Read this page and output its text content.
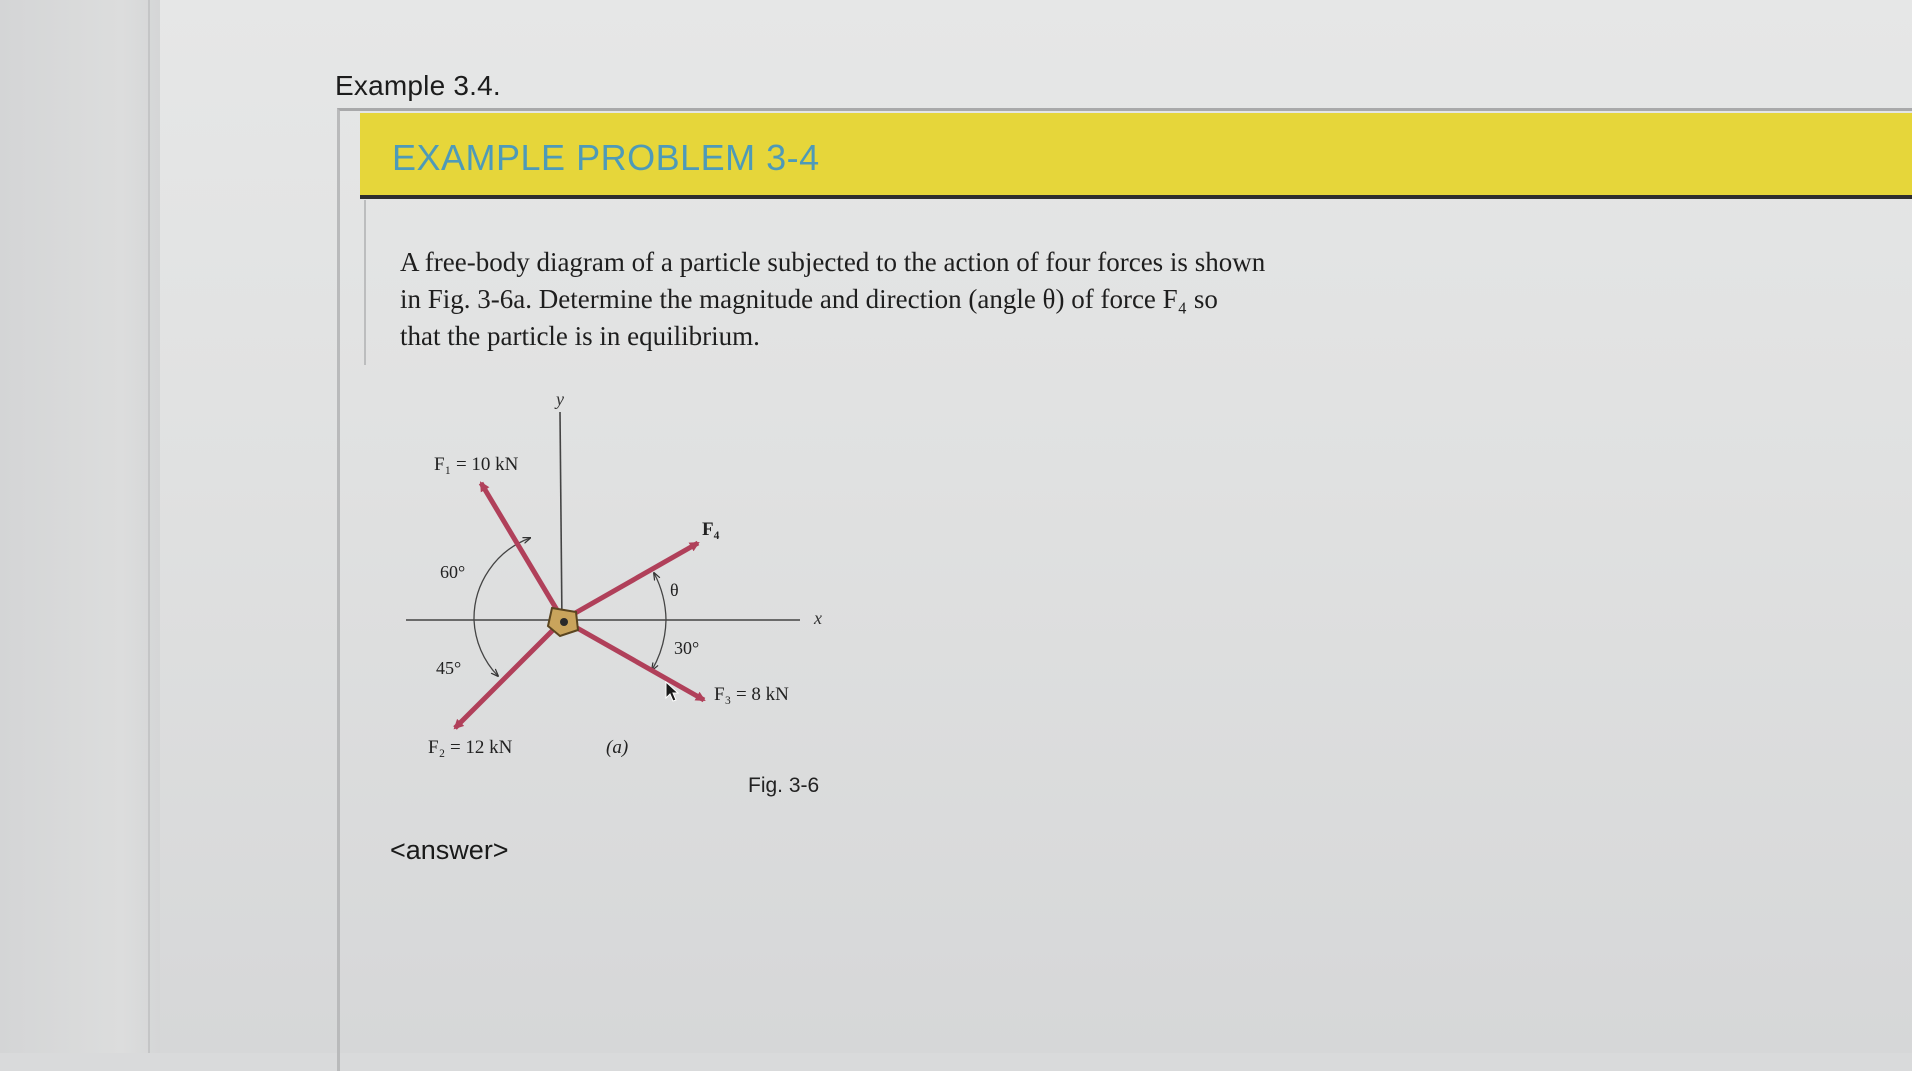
Example 3.4.
EXAMPLE PROBLEM 3-4
A free-body diagram of a particle subjected to the action of four forces is shown
in Fig. 3-6a. Determine the magnitude and direction (angle θ) of force F₄ so
that the particle is in equilibrium.
y
x
F₁ = 10 kN
F₄
60°
θ
45°
30°
F₃ = 8 kN
F₂ = 12 kN	(a)
Fig. 3-6
<answer>
